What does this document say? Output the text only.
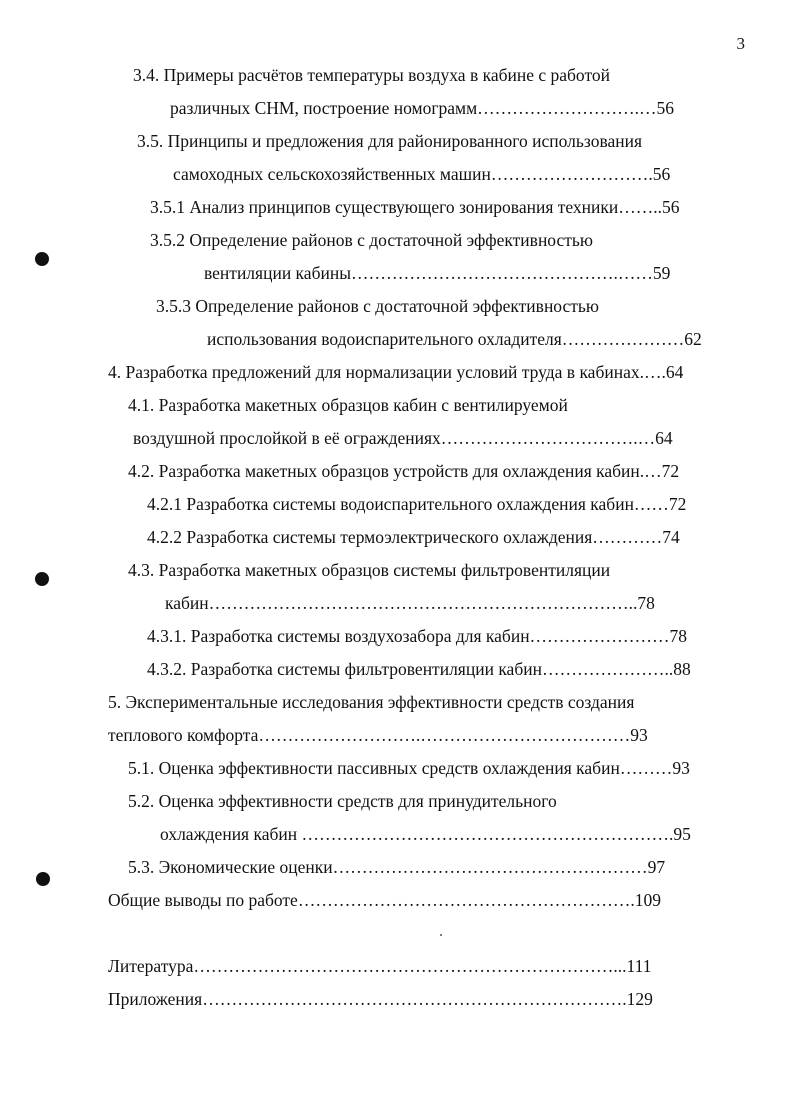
3
3.4. Примеры расчётов температуры воздуха в кабине с работой
различных СНМ, построение номограмм……………………….…56
3.5. Принципы и предложения для районированного использования
самоходных сельскохозяйственных машин……………………….56
3.5.1 Анализ принципов существующего зонирования техники……..56
3.5.2 Определение районов с достаточной эффективностью
вентиляции кабины……………………………………….……59
3.5.3 Определение районов с достаточной эффективностью
использования водоиспарительного охладителя…………………62
4. Разработка предложений для нормализации условий труда в кабинах.….64
4.1. Разработка макетных образцов кабин с вентилируемой
воздушной прослойкой в её ограждениях…………………………….…64
4.2. Разработка макетных образцов устройств для охлаждения кабин.…72
4.2.1 Разработка системы водоиспарительного охлаждения кабин……72
4.2.2 Разработка системы термоэлектрического охлаждения…………74
4.3. Разработка макетных образцов системы фильтровентиляции
кабин………………………………………………………………..78
4.3.1. Разработка системы воздухозабора для кабин……………………78
4.3.2. Разработка системы фильтровентиляции кабин…………………..88
5. Экспериментальные исследования эффективности средств создания
теплового комфорта……………………….………………………………93
5.1. Оценка эффективности пассивных средств охлаждения кабин………93
5.2. Оценка эффективности средств для принудительного
охлаждения кабин ……………………………………………………….95
5.3. Экономические оценки………………………………………………97
Общие выводы по работе………………………………………………….109
Литература………………………………………………………………...111
Приложения……………………………………………………………….129
